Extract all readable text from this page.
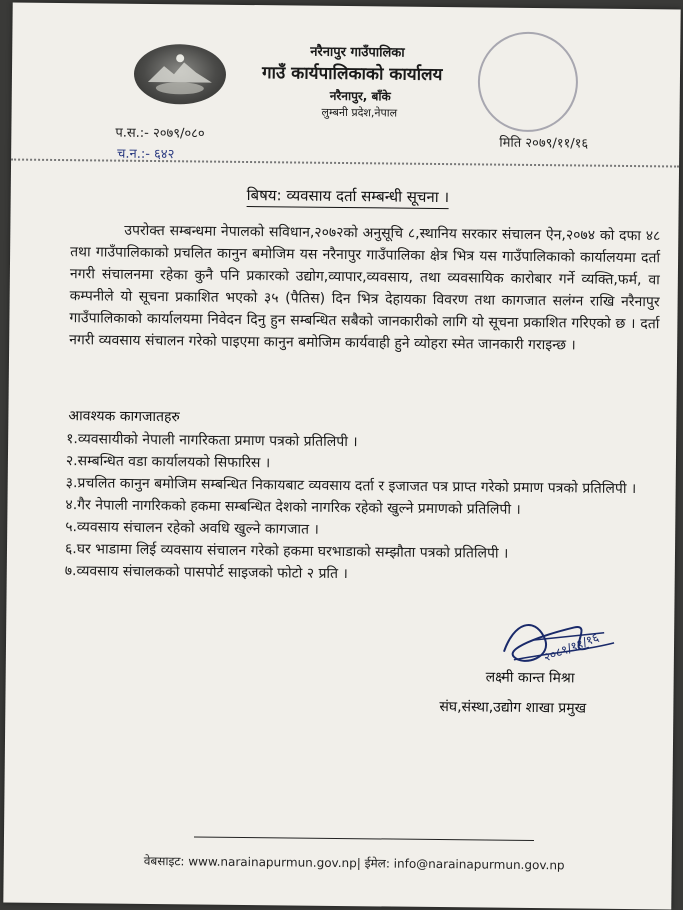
नरैनापुर गाउँपालिका
गाउँ कार्यपालिकाको कार्यालय
नरैनापुर, बाँके
लुम्बनी प्रदेश,नेपाल
प.स.:- २०७९/०८०
च.न.:- ६४२
मिति २०७९/११/१६
बिषय: व्यवसाय दर्ता सम्बन्धी सूचना ।
उपरोक्त सम्बन्धमा नेपालको सविधान,२०७२को अनुसूचि ८,स्थानिय सरकार संचालन ऐन,२०७४ को दफा ४८ तथा गाउँपालिकाको प्रचलित कानुन बमोजिम यस नरैनापुर गाउँपालिका क्षेत्र भित्र यस गाउँपालिकाको कार्यालयमा दर्ता नगरी संचालनमा रहेका कुनै पनि प्रकारको उद्योग,व्यापार,व्यवसाय, तथा व्यवसायिक कारोबार गर्ने व्यक्ति,फर्म, वा कम्पनीले यो सूचना प्रकाशित भएको ३५ (पैतिस) दिन भित्र देहायका विवरण तथा कागजात सलंग्न राखि नरैनापुर गाउँपालिकाको कार्यालयमा निवेदन दिनु हुन सम्बन्धित सबैको जानकारीको लागि यो सूचना प्रकाशित गरिएको छ । दर्ता नगरी व्यवसाय संचालन गरेको पाइएमा कानुन बमोजिम कार्यवाही हुने व्योहरा स्मेत जानकारी गराइन्छ ।
आवश्यक कागजातहरु
१.व्यवसायीको नेपाली नागरिकता प्रमाण पत्रको प्रतिलिपी ।
२.सम्बन्धित वडा कार्यालयको सिफारिस ।
३.प्रचलित कानुन बमोजिम सम्बन्धित निकायबाट व्यवसाय दर्ता र इजाजत पत्र प्राप्त गरेको प्रमाण पत्रको प्रतिलिपी ।
४.गैर नेपाली नागरिकको हकमा सम्बन्धित देशको नागरिक रहेको खुल्ने प्रमाणको प्रतिलिपी ।
५.व्यवसाय संचालन रहेको अवधि खुल्ने कागजात ।
६.घर भाडामा लिई व्यवसाय संचालन गरेको हकमा घरभाडाको सम्झौता पत्रको प्रतिलिपी ।
७.व्यवसाय संचालकको पासपोर्ट साइजको फोटो २ प्रति ।
२०८१/११/१६
लक्ष्मी कान्त मिश्रा
संघ,संस्था,उद्योग शाखा प्रमुख
वेबसाइट: www.narainapurmun.gov.np| ईमेल: info@narainapurmun.gov.np
